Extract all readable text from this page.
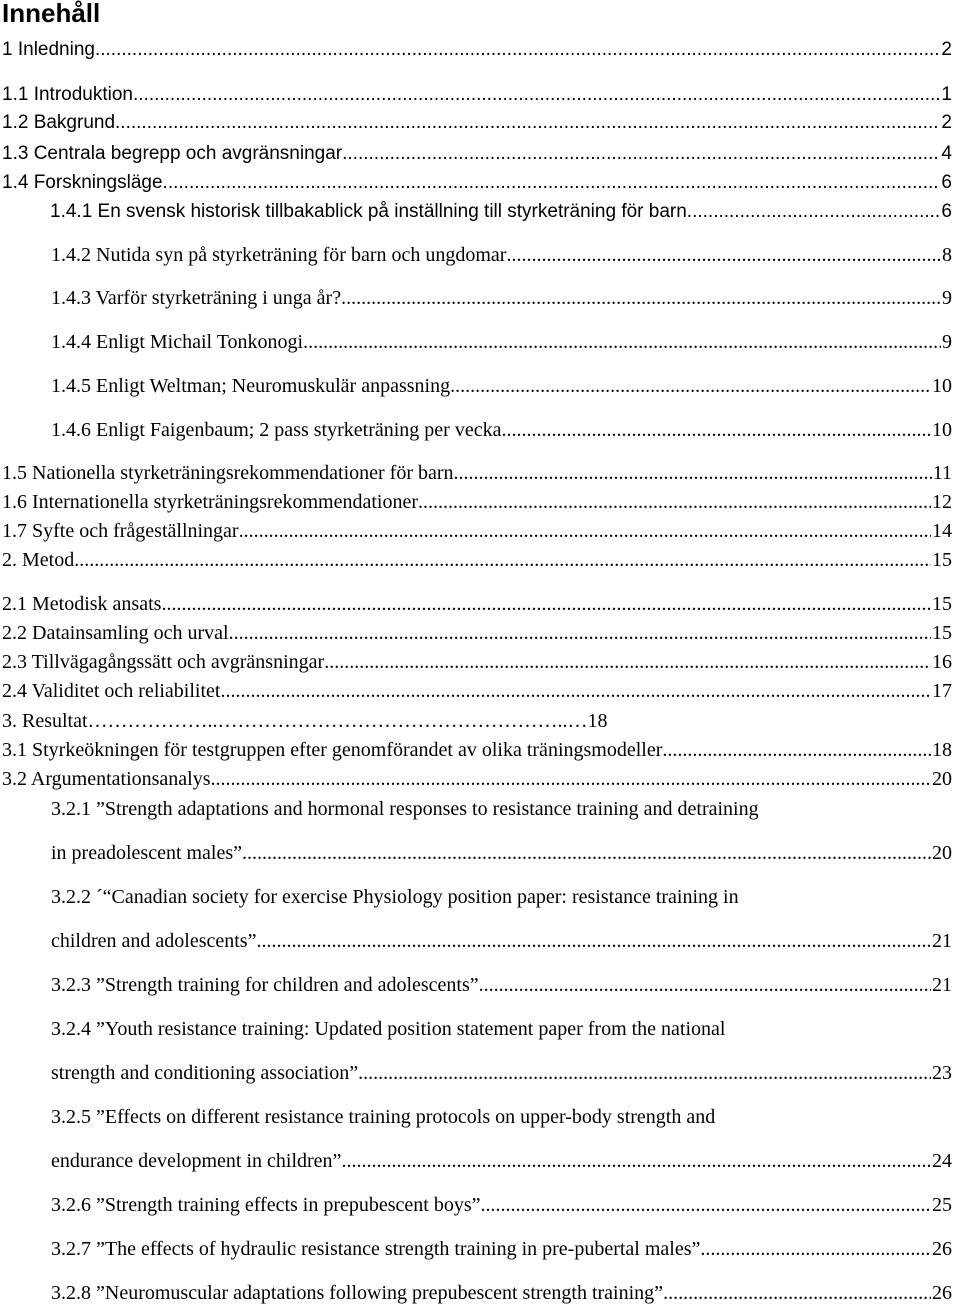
Innehåll
1 Inledning .....	2
1.1 Introduktion .....	1
1.2 Bakgrund .....	2
1.3 Centrala begrepp och avgränsningar .....	4
1.4 Forskningsläge .....	6
1.4.1 En svensk historisk tillbakablick på inställning till styrketräning för barn .....	6
1.4.2 Nutida syn på styrketräning för barn och ungdomar .....	8
1.4.3 Varför styrketräning i unga år? .....	9
1.4.4 Enligt Michail Tonkonogi .....	9
1.4.5 Enligt Weltman; Neuromuskulär anpassning .....	10
1.4.6 Enligt Faigenbaum; 2 pass styrketräning per vecka .....	10
1.5 Nationella styrketräningsrekommendationer för barn .....	11
1.6 Internationella styrketräningsrekommendationer .....	12
1.7 Syfte och frågeställningar .....	14
2. Metod .....	15
2.1 Metodisk ansats .....	15
2.2 Datainsamling och urval .....	15
2.3 Tillvägagångssätt och avgränsningar .....	16
2.4 Validitet och reliabilitet .....	17
3. Resultat………………..……………………………………………..…18
3.1 Styrkeökningen för testgruppen efter genomförandet av olika träningsmodeller .....	18
3.2 Argumentationsanalys .....	20
3.2.1 ”Strength adaptations and hormonal responses to resistance training and detraining
in preadolescent males” .....	20
3.2.2 ´“Canadian society for exercise Physiology position paper: resistance training in
children and adolescents” .....	21
3.2.3 ”Strength training for children and adolescents” .....	21
3.2.4 ”Youth resistance training: Updated position statement paper from the national
strength and conditioning association” .....	23
3.2.5 ”Effects on different resistance training protocols on upper-body strength and
endurance development in children” .....	24
3.2.6 ”Strength training effects in prepubescent boys” .....	25
3.2.7 ”The effects of hydraulic resistance strength training in pre-pubertal males” .....	26
3.2.8 ”Neuromuscular adaptations following prepubescent strength training” .....	26
